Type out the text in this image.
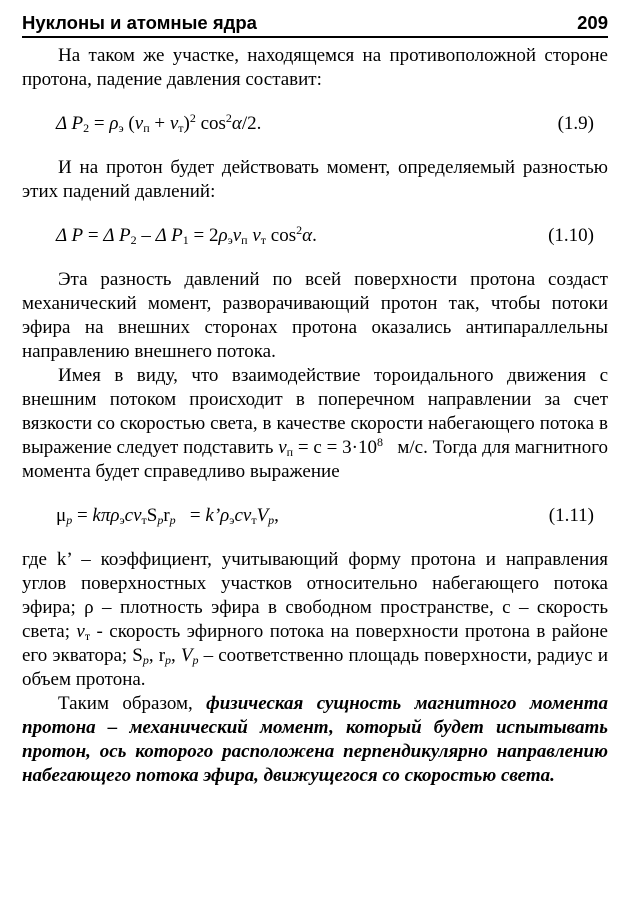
Нуклоны и атомные ядра	209

На таком же участке, находящемся на противоположной стороне протона, падение давления составит:

Δ $P_2 = \rho_э$ $(v_п + v_т)^2$ $\cos^2\alpha/2$.	(1.9)

И на протон будет действовать момент, определяемый разностью этих падений давлений:

Δ P = Δ $P_2$ – Δ $P_1 = 2\rho_эv_п$ $v_т$ $\cos^2\alpha$.	(1.10)

Эта разность давлений по всей поверхности протона создаст механический момент, разворачивающий протон так, чтобы потоки эфира на внешних сторонах протона оказались антипараллельны направлению внешнего потока.

Имея в виду, что взаимодействие тороидального движения с внешним потоком происходит в поперечном направлении за счет вязкости со скоростью света, в качестве скорости набегающего потока в выражение следует подставить $v_п = c = 3\cdot 10^8$ м/с. Тогда для магнитного момента будет справедливо выражение

$\mu_p = k\pi\rho_эcv_тS_pr_p$   = $k’\rho_эcv_тV_p$,	(1.11)

где k’ – коэффициент, учитывающий форму протона и направления углов поверхностных участков относительно набегающего потока эфира; ρ – плотность эфира в свободном пространстве, c – скорость света; $v_т$ - скорость эфирного потока на поверхности протона в районе его экватора; $S_p$, $r_p$, $V_p$ – соответственно площадь поверхности, радиус и объем протона.

Таким образом, физическая сущность магнитного момента протона – механический момент, который будет испытывать протон, ось которого расположена перпендикулярно направлению набегающего потока эфира, движущегося со скоростью света.
